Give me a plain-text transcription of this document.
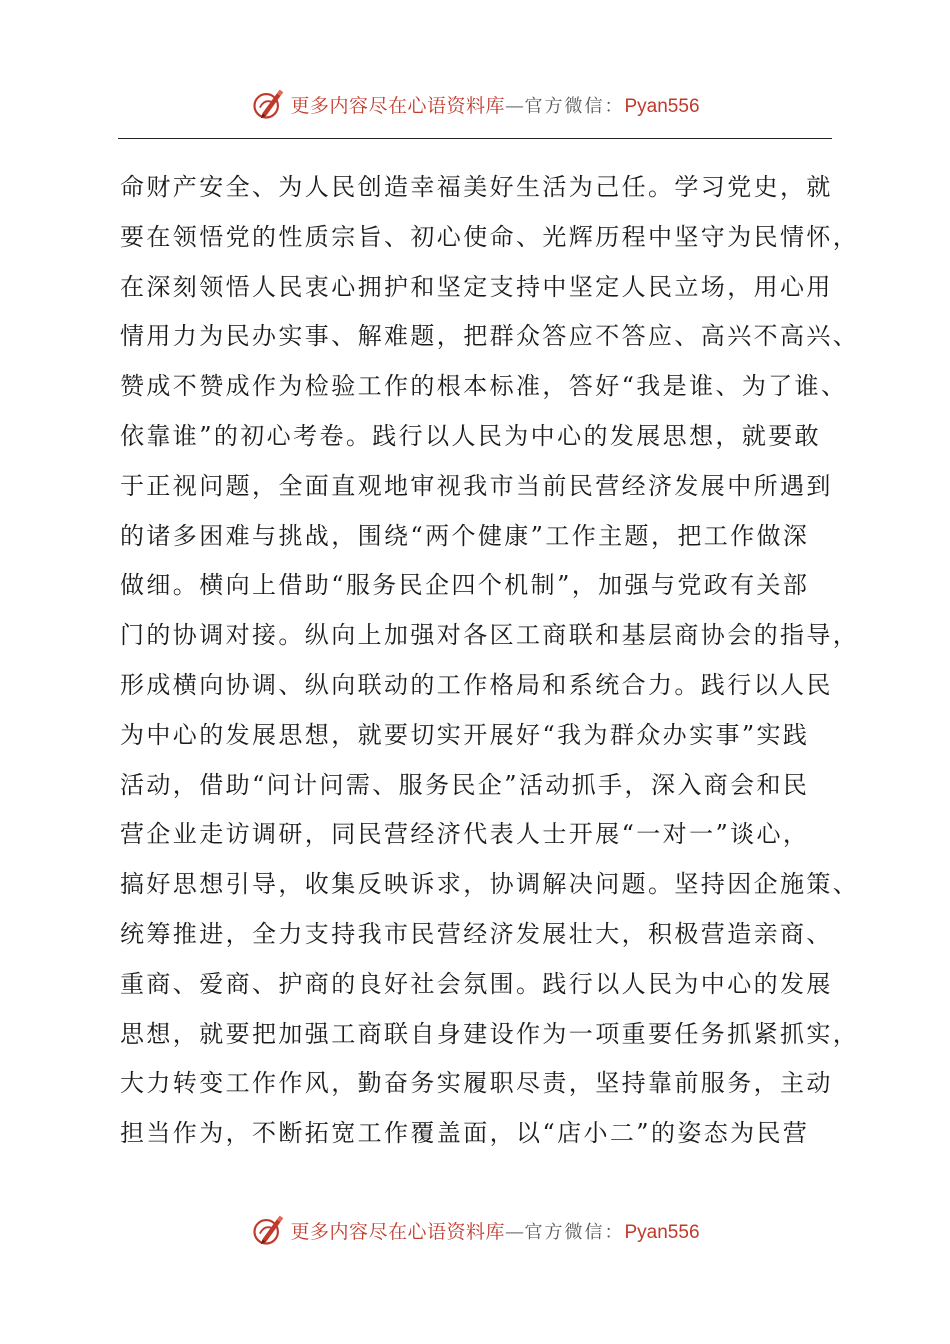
更多内容尽在心语资料库—官方微信：Pyan556
命财产安全、为人民创造幸福美好生活为己任。学习党史，就
要在领悟党的性质宗旨、初心使命、光辉历程中坚守为民情怀，
在深刻领悟人民衷心拥护和坚定支持中坚定人民立场，用心用
情用力为民办实事、解难题，把群众答应不答应、高兴不高兴、
赞成不赞成作为检验工作的根本标准，答好“我是谁、为了谁、
依靠谁”的初心考卷。践行以人民为中心的发展思想，就要敢
于正视问题，全面直观地审视我市当前民营经济发展中所遇到
的诸多困难与挑战，围绕“两个健康”工作主题，把工作做深
做细。横向上借助“服务民企四个机制”，加强与党政有关部
门的协调对接。纵向上加强对各区工商联和基层商协会的指导，
形成横向协调、纵向联动的工作格局和系统合力。践行以人民
为中心的发展思想，就要切实开展好“我为群众办实事”实践
活动，借助“问计问需、服务民企”活动抓手，深入商会和民
营企业走访调研，同民营经济代表人士开展“一对一”谈心，
搞好思想引导，收集反映诉求，协调解决问题。坚持因企施策、
统筹推进，全力支持我市民营经济发展壮大，积极营造亲商、
重商、爱商、护商的良好社会氛围。践行以人民为中心的发展
思想，就要把加强工商联自身建设作为一项重要任务抓紧抓实，
大力转变工作作风，勤奋务实履职尽责，坚持靠前服务，主动
担当作为，不断拓宽工作覆盖面，以“店小二”的姿态为民营
更多内容尽在心语资料库—官方微信：Pyan556
